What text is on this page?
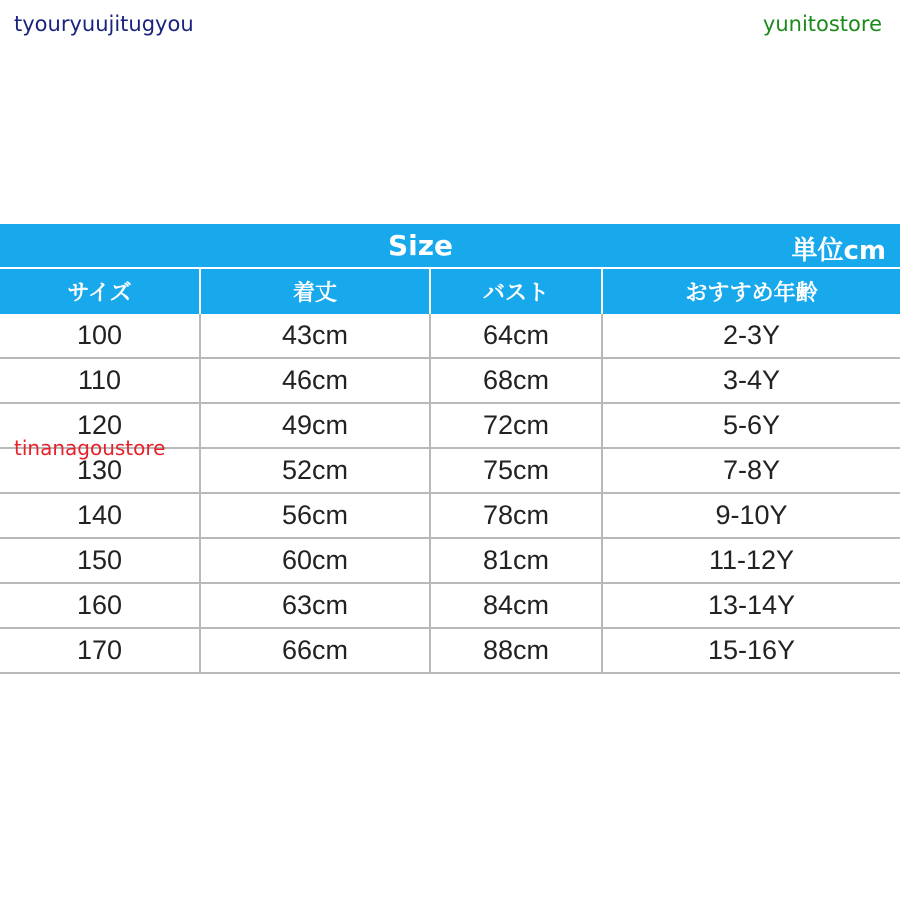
tyouryuujitugyou	yunitostore
tinanagoustore
Size	単位cm
サイズ	着丈	バスト	おすすめ年齢
100	43cm	64cm	2-3Y
110	46cm	68cm	3-4Y
120	49cm	72cm	5-6Y
130	52cm	75cm	7-8Y
140	56cm	78cm	9-10Y
150	60cm	81cm	11-12Y
160	63cm	84cm	13-14Y
170	66cm	88cm	15-16Y
